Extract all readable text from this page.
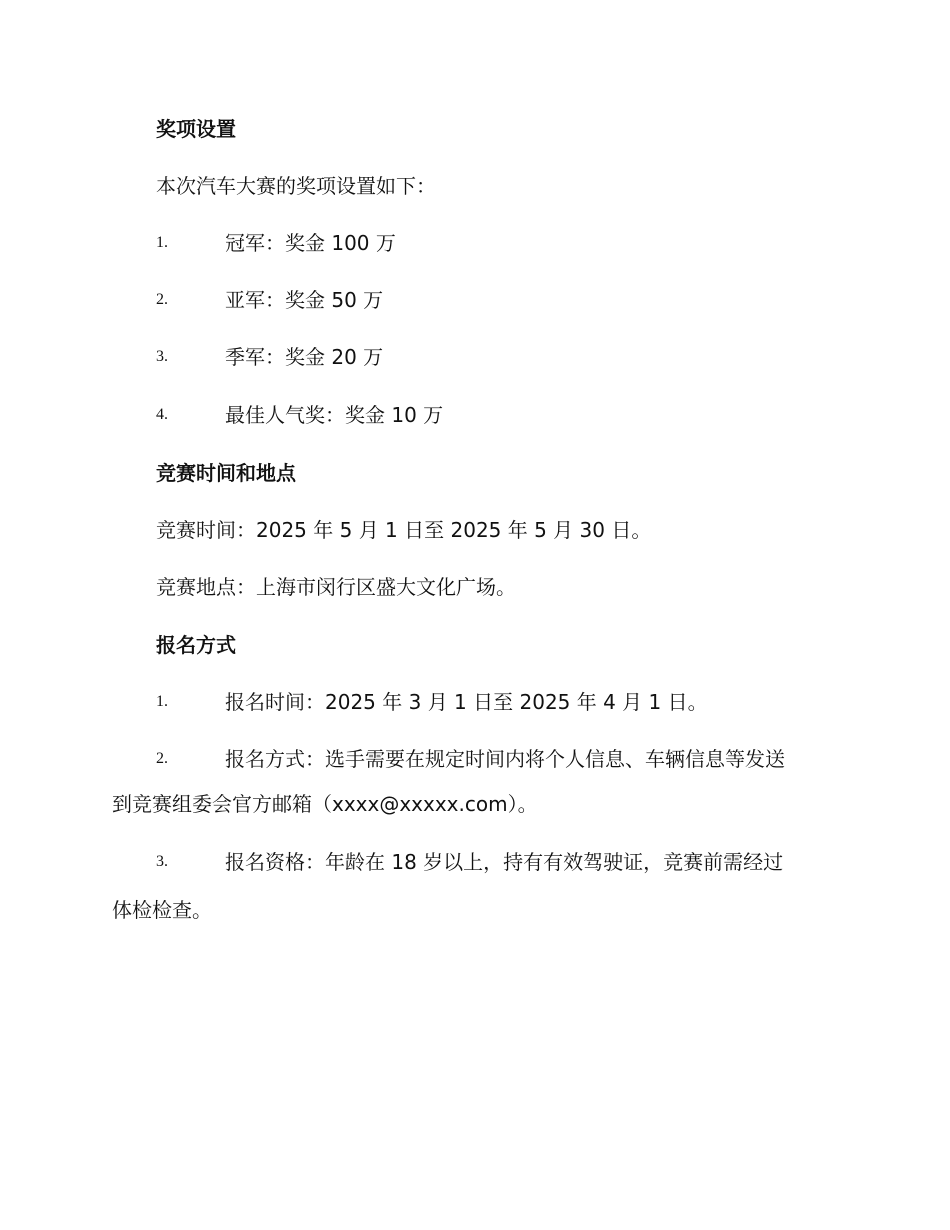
奖项设置
本次汽车大赛的奖项设置如下：
1.	冠军：奖金 100 万
2.	亚军：奖金 50 万
3.	季军：奖金 20 万
4.	最佳人气奖：奖金 10 万
竞赛时间和地点
竞赛时间：2025 年 5 月 1 日至 2025 年 5 月 30 日。
竞赛地点：上海市闵行区盛大文化广场。
报名方式
1.	报名时间：2025 年 3 月 1 日至 2025 年 4 月 1 日。
2.	报名方式：选手需要在规定时间内将个人信息、车辆信息等发送
到竞赛组委会官方邮箱（xxxx@xxxxx.com）。
3.	报名资格：年龄在 18 岁以上，持有有效驾驶证，竞赛前需经过
体检检查。
